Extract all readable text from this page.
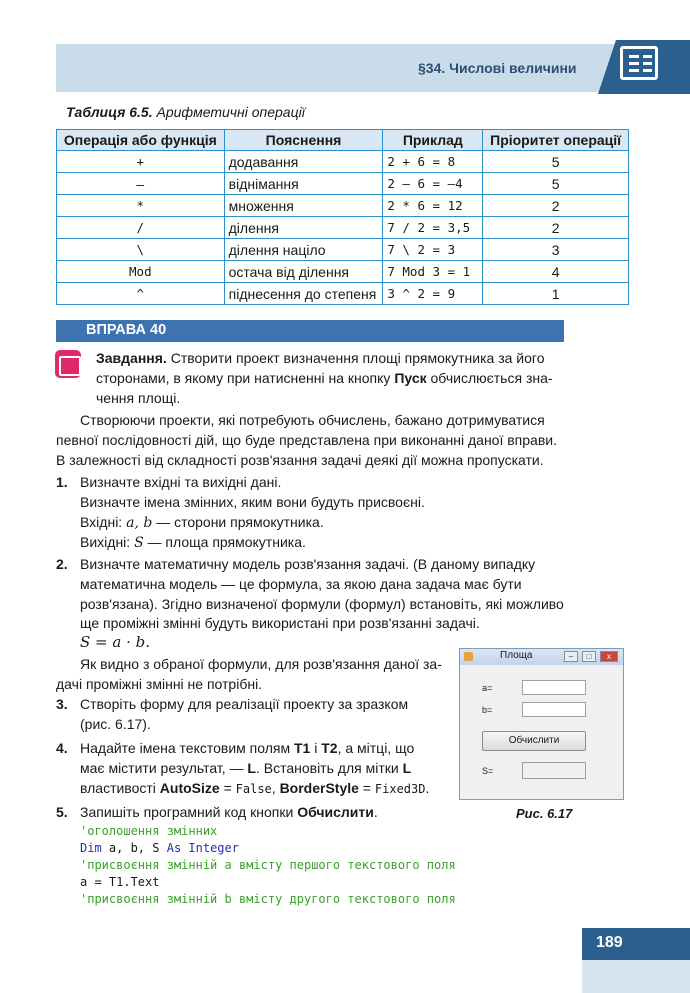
§34. Числові величини
Таблиця 6.5. Арифметичні операції
Операція або функція	Пояснення	Приклад	Пріоритет операції
+	додавання	2 + 6 = 8	5
–	віднімання	2 – 6 = –4	5
*	множення	2 * 6 = 12	2
/	ділення	7 / 2 = 3,5	2
\	ділення націло	7 \ 2 = 3	3
Mod	остача від ділення	7 Mod 3 = 1	4
^	піднесення до степеня	3 ^ 2 = 9	1
ВПРАВА 40
Завдання. Створити проект визначення площі прямокутника за його
сторонами, в якому при натисненні на кнопку Пуск обчислюється зна-
чення площі.
Створюючи проекти, які потребують обчислень, бажано дотримуватися
певної послідовності дій, що буде представлена при виконанні даної вправи.
В залежності від складності розв'язання задачі деякі дії можна пропускати.
1. Визначте вхідні та вихідні дані.
Визначте імена змінних, яким вони будуть присвоєні.
Вхідні: a, b — сторони прямокутника.
Вихідні: S — площа прямокутника.
2. Визначте математичну модель розв'язання задачі. (В даному випадку
математична модель — це формула, за якою дана задача має бути
розв'язана). Згідно визначеної формули (формул) встановіть, які можливо
ще проміжні змінні будуть використані при розв'язанні задачі.
S = a · b.
Як видно з обраної формули, для розв'язання даної за-
дачі проміжні змінні не потрібні.
3. Створіть форму для реалізації проекту за зразком
(рис. 6.17).
4. Надайте імена текстовим полям T1 і T2, а мітці, що
має містити результат, — L. Встановіть для мітки L
властивості AutoSize = False, BorderStyle = Fixed3D.
5. Запишіть програмний код кнопки Обчислити.
'оголошення змінних
Dim a, b, S As Integer
'присвоєння змінній a вмісту першого текстового поля
a = T1.Text
'присвоєння змінній b вмісту другого текстового поля
Площа	–	□	x
a=
b=
Обчислити
S=
Рис. 6.17
189
